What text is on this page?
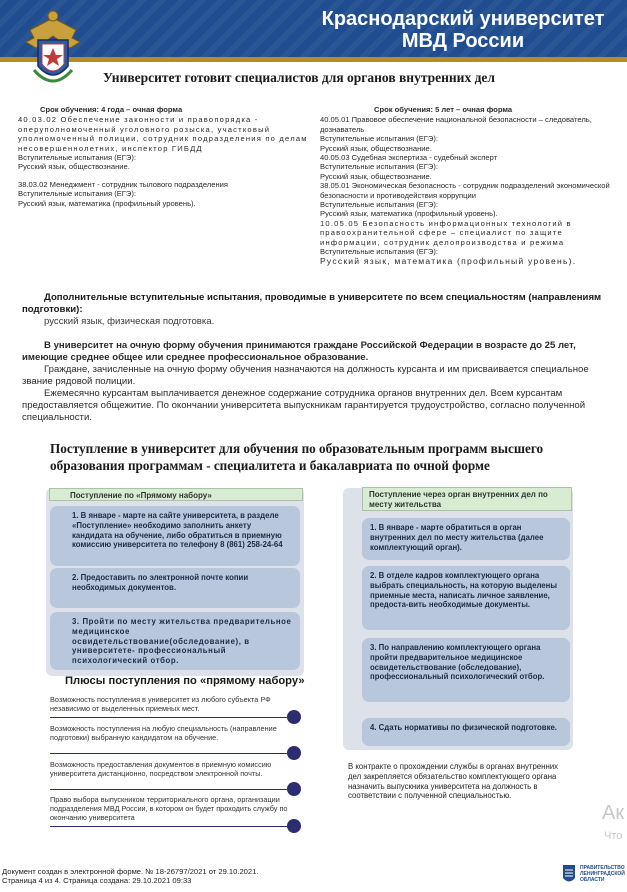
Краснодарский университет
МВД России
Университет готовит специалистов для органов внутренних дел
Срок обучения: 4 года – очная форма
40.03.02 Обеспечение законности и правопорядка - оперуполномоченный уголовного розыска, участковый уполномоченный полиции, сотрудник подразделения по делам несовершеннолетних, инспектор ГИБДД
Вступительные испытания (ЕГЭ):
Русский язык, обществознание.
38.03.02 Менеджмент - сотрудник тылового подразделения
Вступительные испытания (ЕГЭ):
Русский язык, математика (профильный уровень).
Срок обучения: 5 лет – очная форма
40.05.01 Правовое обеспечение национальной безопасности – следователь, дознаватель
Вступительные испытания (ЕГЭ):
Русский язык, обществознание.
40.05.03 Судебная экспертиза - судебный эксперт
Вступительные испытания (ЕГЭ):
Русский язык, обществознание.
38.05.01 Экономическая безопасность - сотрудник подразделений экономической безопасности и противодействия коррупции
Вступительные испытания (ЕГЭ):
Русский язык, математика (профильный уровень).
10.05.05 Безопасность информационных технологий в правоохранительной сфере – специалист по защите информации, сотрудник делопроизводства и режима
Вступительные испытания (ЕГЭ):
Русский язык, математика (профильный уровень).
Дополнительные вступительные испытания, проводимые в университете по всем специальностям (направлениям подготовки):
русский язык, физическая подготовка.
В университет на очную форму обучения принимаются граждане Российской Федерации в возрасте до 25 лет, имеющие среднее общее или среднее профессиональное образование.
Граждане, зачисленные на очную форму обучения назначаются на должность курсанта и им присваивается специальное звание рядовой полиции.
Ежемесячно курсантам выплачивается денежное содержание сотрудника органов внутренних дел. Всем курсантам предоставляется общежитие. По окончании университета выпускникам гарантируется трудоустройство, согласно полученной специальности.
Поступление в университет для обучения по образовательным программ высшего образования программам - специалитета и бакалавриата по очной форме
Поступление по «Прямому набору»	Поступление через орган внутренних дел по месту жительства
1. В январе - марте на сайте университета, в разделе «Поступление» необходимо заполнить анкету кандидата на обучение, либо обратиться в приемную комиссию университета по телефону 8 (861) 258-24-64
2. Предоставить по электронной почте копии необходимых документов.
3. Пройти по месту жительства предварительное медицинское освидетельствование(обследование), в университете- профессиональный психологический отбор.
1. В январе - марте обратиться в орган внутренних дел по месту жительства (далее комплектующий орган).
2. В отделе кадров комплектующего органа выбрать специальность, на которую выделены приемные места, написать личное заявление, предоста-вить необходимые документы.
3. По направлению комплектующего органа пройти предварительное медицинское освидетельствование (обследование), профессиональный психологический отбор.
4. Сдать нормативы по физической подготовке.
Плюсы поступления по «прямому набору»
Возможность поступления в университет из любого субъекта РФ независимо от выделенных приемных мест.
Возможность поступления на любую специальность (направление подготовки) выбранную кандидатом на обучение.
Возможность предоставления документов в приемную комиссию университета дистанционно, посредством электронной почты.
Право выбора выпускником территориального органа, организации подразделения МВД России, в котором он будет проходить службу по окончанию университета
В контракте о прохождении службы в органах внутренних дел закрепляется обязательство комплектующего органа назначить выпускника университета на должность в соответствии с полученной специальностью.
Ак
Что
Документ создан в электронной форме. № 18-26797/2021 от 29.10.2021.
Страница 4 из 4. Страница создана: 29.10.2021 09:33
ПРАВИТЕЛЬСТВО ЛЕНИНГРАДСКОЙ ОБЛАСТИ
